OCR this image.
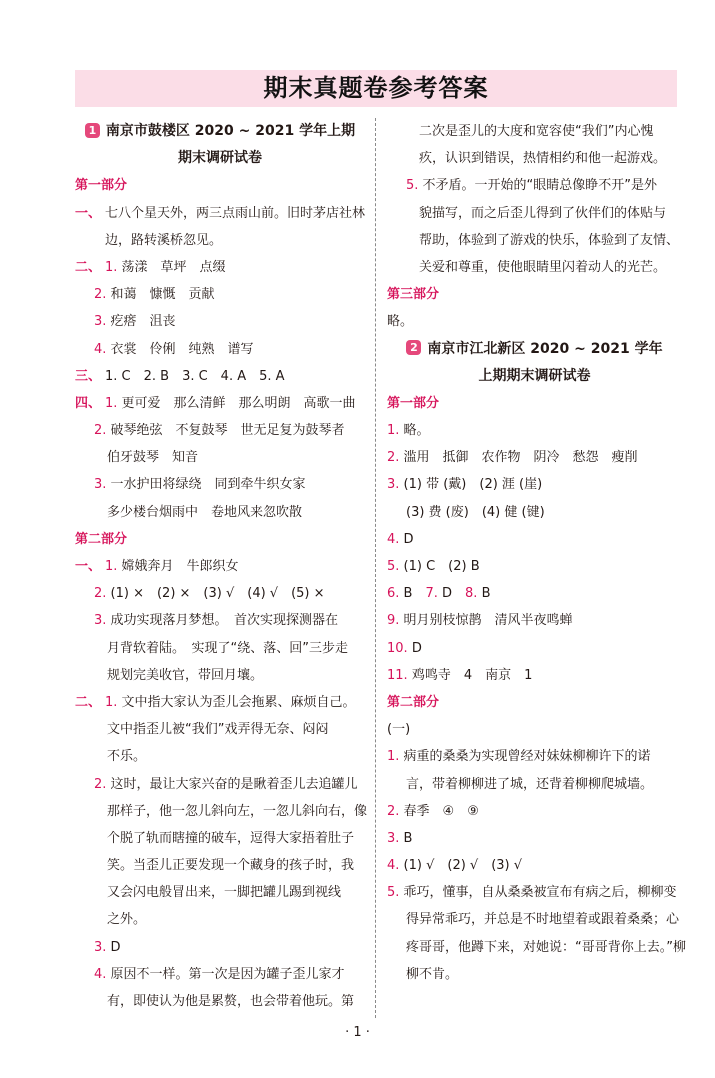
期末真题卷参考答案
1 南京市鼓楼区 2020 ~ 2021 学年上期
期末调研试卷
第一部分
一、 七八个星天外，两三点雨山前。旧时茅店社林
边，路转溪桥忽见。
二、 1. 荡漾　草坪　点缀
2. 和蔼　慷慨　贡献
3. 疙瘩　沮丧
4. 衣裳　伶俐　纯熟　谱写
三、 1. C　2. B　3. C　4. A　5. A
四、 1. 更可爱　那么清鲜　那么明朗　高歌一曲
2. 破琴绝弦　不复鼓琴　世无足复为鼓琴者
伯牙鼓琴　知音
3. 一水护田将绿绕　同到牵牛织女家
多少楼台烟雨中　卷地风来忽吹散
第二部分
一、 1. 嫦娥奔月　牛郎织女
2. (1) ×　(2) ×　(3) √　(4) √　(5) ×
3. 成功实现落月梦想。　首次实现探测器在
月背软着陆。　实现了“绕、落、回”三步走
规划完美收官，带回月壤。
二、 1. 文中指大家认为歪儿会拖累、麻烦自己。
文中指歪儿被“我们”戏弄得无奈、闷闷
不乐。
2. 这时，最让大家兴奋的是瞅着歪儿去追罐儿
那样子，他一忽儿斜向左，一忽儿斜向右，像
个脱了轨而瞎撞的破车，逗得大家捂着肚子
笑。当歪儿正要发现一个藏身的孩子时，我
又会闪电般冒出来，一脚把罐儿踢到视线
之外。
3. D
4. 原因不一样。第一次是因为罐子歪儿家才
有，即使认为他是累赘，也会带着他玩。第
二次是歪儿的大度和宽容使“我们”内心愧
疚，认识到错误，热情相约和他一起游戏。
5. 不矛盾。一开始的“眼睛总像睁不开”是外
貌描写，而之后歪儿得到了伙伴们的体贴与
帮助，体验到了游戏的快乐，体验到了友情、
关爱和尊重，使他眼睛里闪着动人的光芒。
第三部分
略。
2 南京市江北新区 2020 ~ 2021 学年
上期期末调研试卷
第一部分
1. 略。
2. 滥用　抵御　农作物　阴冷　愁怨　瘦削
3. (1) 带 (戴)　(2) 涯 (崖)
(3) 费 (废)　(4) 健 (键)
4. D
5. (1) C　(2) B
6. B　7. D　8. B
9. 明月别枝惊鹊　清风半夜鸣蝉
10. D
11. 鸡鸣寺　4　南京　1
第二部分
(一)
1. 病重的桑桑为实现曾经对妹妹柳柳许下的诺
言，带着柳柳进了城，还背着柳柳爬城墙。
2. 春季　④　⑨
3. B
4. (1) √　(2) √　(3) √
5. 乖巧，懂事，自从桑桑被宣布有病之后，柳柳变
得异常乖巧，并总是不时地望着或跟着桑桑；心
疼哥哥，他蹲下来，对她说：“哥哥背你上去。”柳
柳不肯。
· 1 ·
